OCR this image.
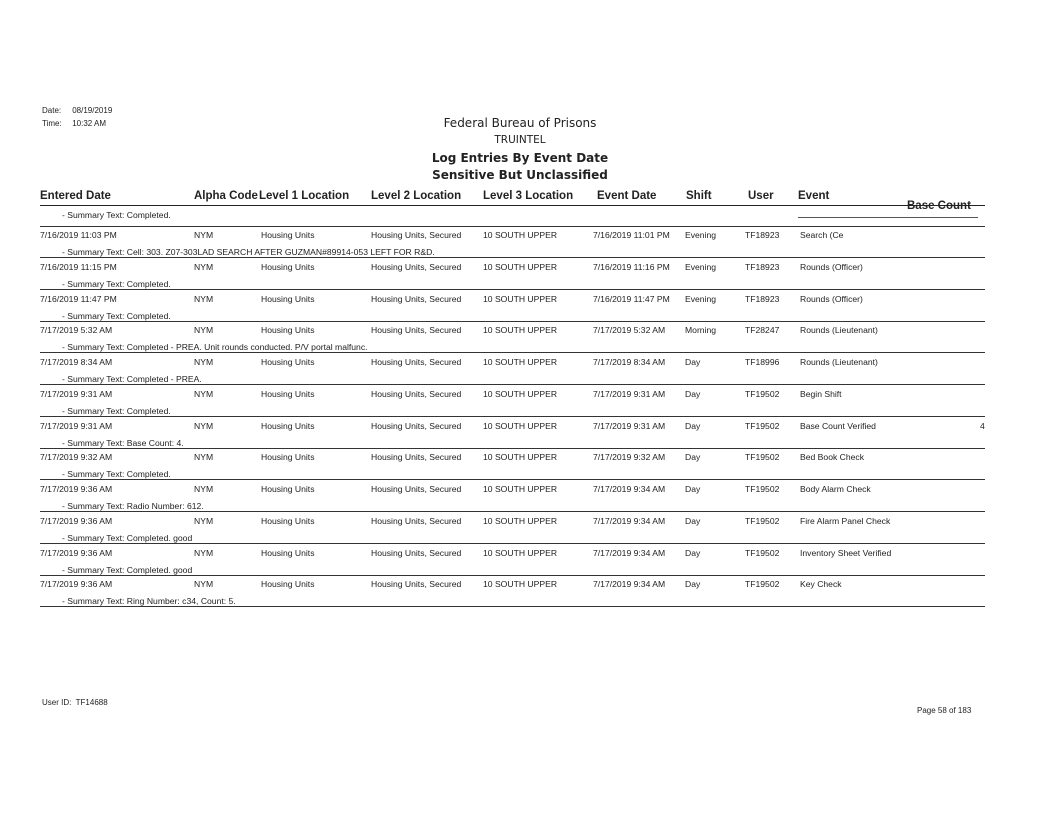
Date: 08/19/2019
Time: 10:32 AM	Federal Bureau of Prisons
TRUINTEL
Log Entries By Event Date
Sensitive But Unclassified
Entered Date	Alpha Code Level 1 Location Level 2 Location Level 3 Location Event Date	Shift	User Event
Base Count
- Summary Text: Completed.
7/16/2019 11:03 PM	NYM	Housing Units	Housing Units, Secured	10 SOUTH UPPER	7/16/2019 11:01 PM Evening	TF18923 Search (Ce
- Summary Text: Cell: 303. Z07-303LAD SEARCH AFTER GUZMAN#89914-053 LEFT FOR R&D.
7/16/2019 11:15 PM	NYM	Housing Units	Housing Units, Secured	10 SOUTH UPPER	7/16/2019 11:16 PM Evening	TF18923 Rounds (Officer)
- Summary Text: Completed.
7/16/2019 11:47 PM	NYM	Housing Units	Housing Units, Secured	10 SOUTH UPPER	7/16/2019 11:47 PM Evening	TF18923 Rounds (Officer)
- Summary Text: Completed.
7/17/2019 5:32 AM	NYM	Housing Units	Housing Units, Secured	10 SOUTH UPPER	7/17/2019 5:32 AM Morning	TF28247 Rounds (Lieutenant)
- Summary Text: Completed - PREA. Unit rounds conducted. P/V portal malfunc.
7/17/2019 8:34 AM	NYM	Housing Units	Housing Units, Secured	10 SOUTH UPPER	7/17/2019 8:34 AM Day	TF18996 Rounds (Lieutenant)
- Summary Text: Completed - PREA.
7/17/2019 9:31 AM	NYM	Housing Units	Housing Units, Secured	10 SOUTH UPPER	7/17/2019 9:31 AM Day	TF19502 Begin Shift
- Summary Text: Completed.
7/17/2019 9:31 AM	NYM	Housing Units	Housing Units, Secured	10 SOUTH UPPER	7/17/2019 9:31 AM Day	TF19502 Base Count Verified	4
- Summary Text: Base Count: 4.
7/17/2019 9:32 AM	NYM	Housing Units	Housing Units, Secured	10 SOUTH UPPER	7/17/2019 9:32 AM Day	TF19502 Bed Book Check
- Summary Text: Completed.
7/17/2019 9:36 AM	NYM	Housing Units	Housing Units, Secured	10 SOUTH UPPER	7/17/2019 9:34 AM Day	TF19502 Body Alarm Check
- Summary Text: Radio Number: 612.
7/17/2019 9:36 AM	NYM	Housing Units	Housing Units, Secured	10 SOUTH UPPER	7/17/2019 9:34 AM Day	TF19502 Fire Alarm Panel Check
- Summary Text: Completed. good
7/17/2019 9:36 AM	NYM	Housing Units	Housing Units, Secured	10 SOUTH UPPER	7/17/2019 9:34 AM Day	TF19502 Inventory Sheet Verified
- Summary Text: Completed. good
7/17/2019 9:36 AM	NYM	Housing Units	Housing Units, Secured	10 SOUTH UPPER	7/17/2019 9:34 AM Day	TF19502 Key Check
- Summary Text: Ring Number: c34, Count: 5.
User ID: TF14688
Page 58 of 183
